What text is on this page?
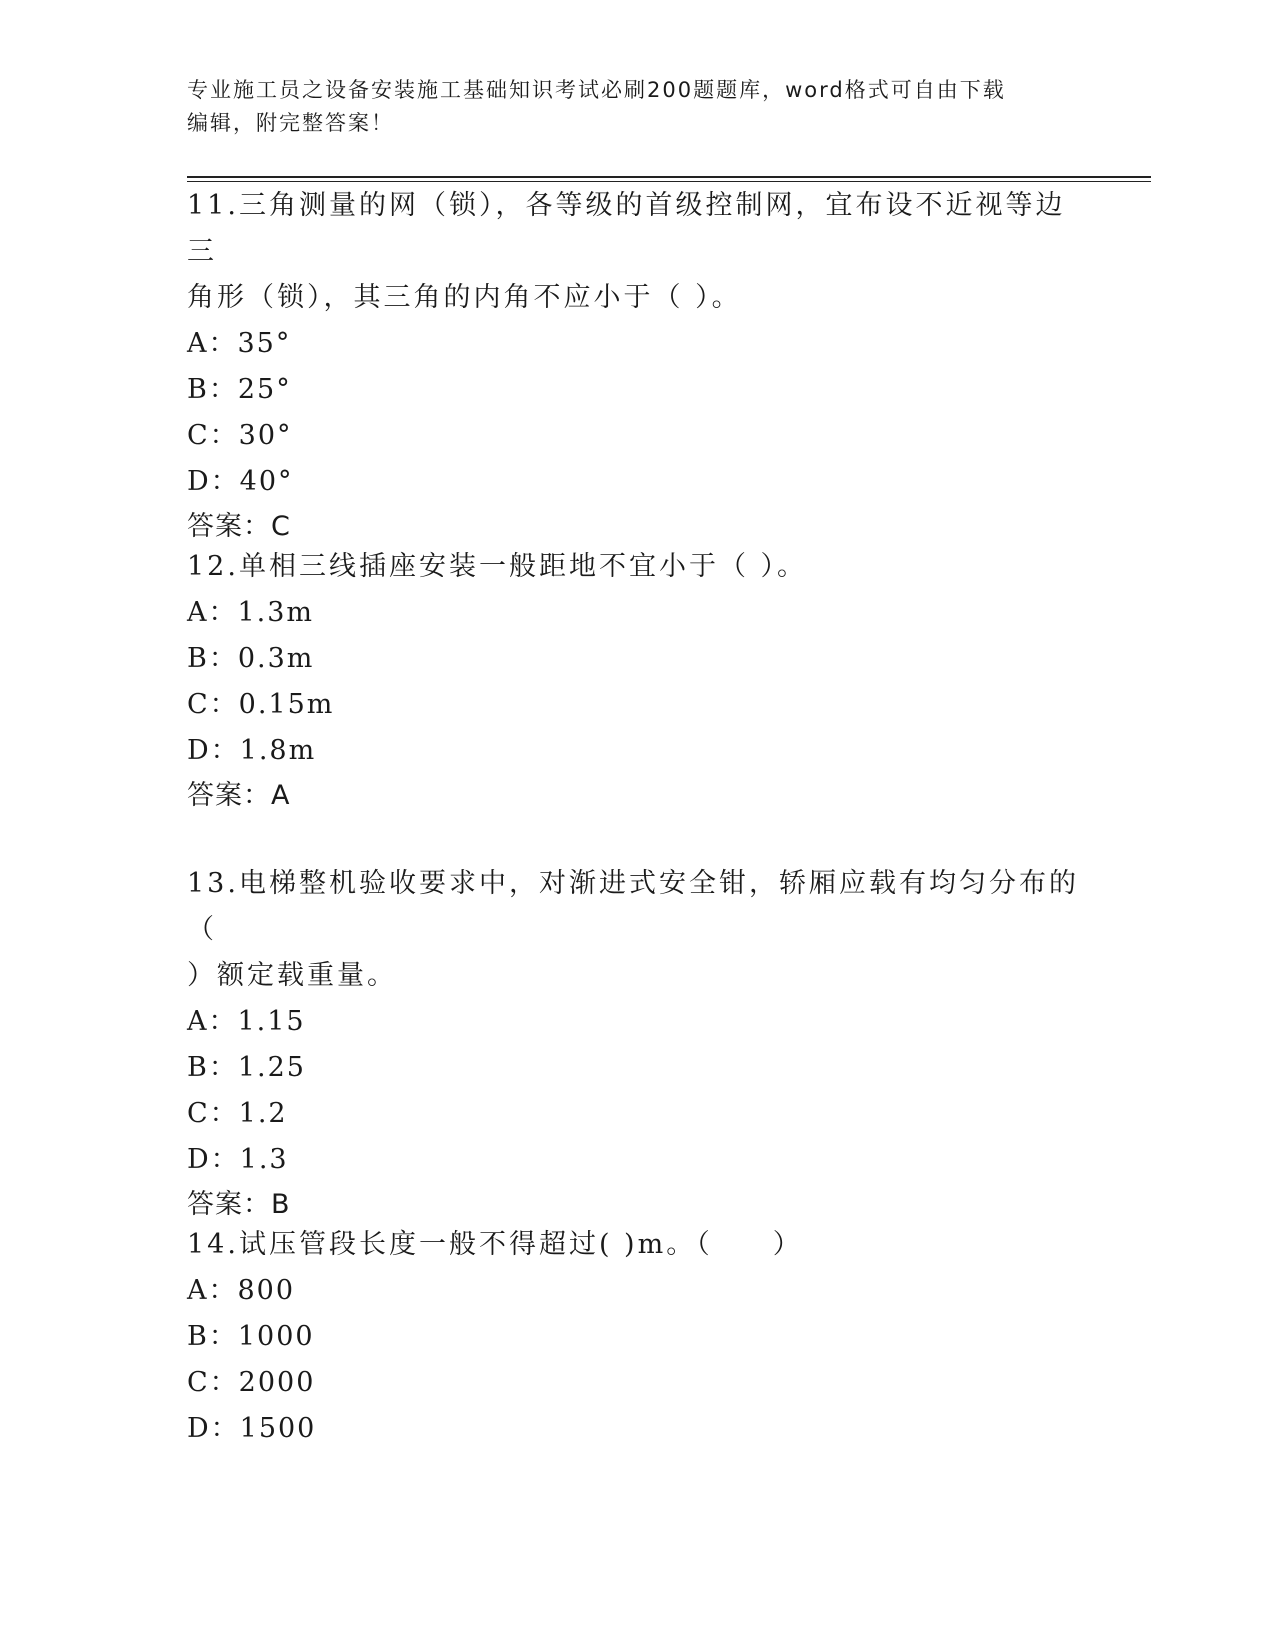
专业施工员之设备安装施工基础知识考试必刷200题题库，word格式可自由下载

编辑，附完整答案！

11.三角测量的网（锁），各等级的首级控制网，宜布设不近视等边三

角形（锁），其三角的内角不应小于（ ）。

A：35°

B：25°

C：30°

D：40°

答案：C

12.单相三线插座安装一般距地不宜小于（ ）。

A：1.3m

B：0.3m

C：0.15m

D：1.8m

答案：A

13.电梯整机验收要求中，对渐进式安全钳，轿厢应载有均匀分布的（

）额定载重量。

A：1.15

B：1.25

C：1.2

D：1.3

答案：B

14.试压管段长度一般不得超过( )m。（　　）

A：800

B：1000

C：2000

D：1500
